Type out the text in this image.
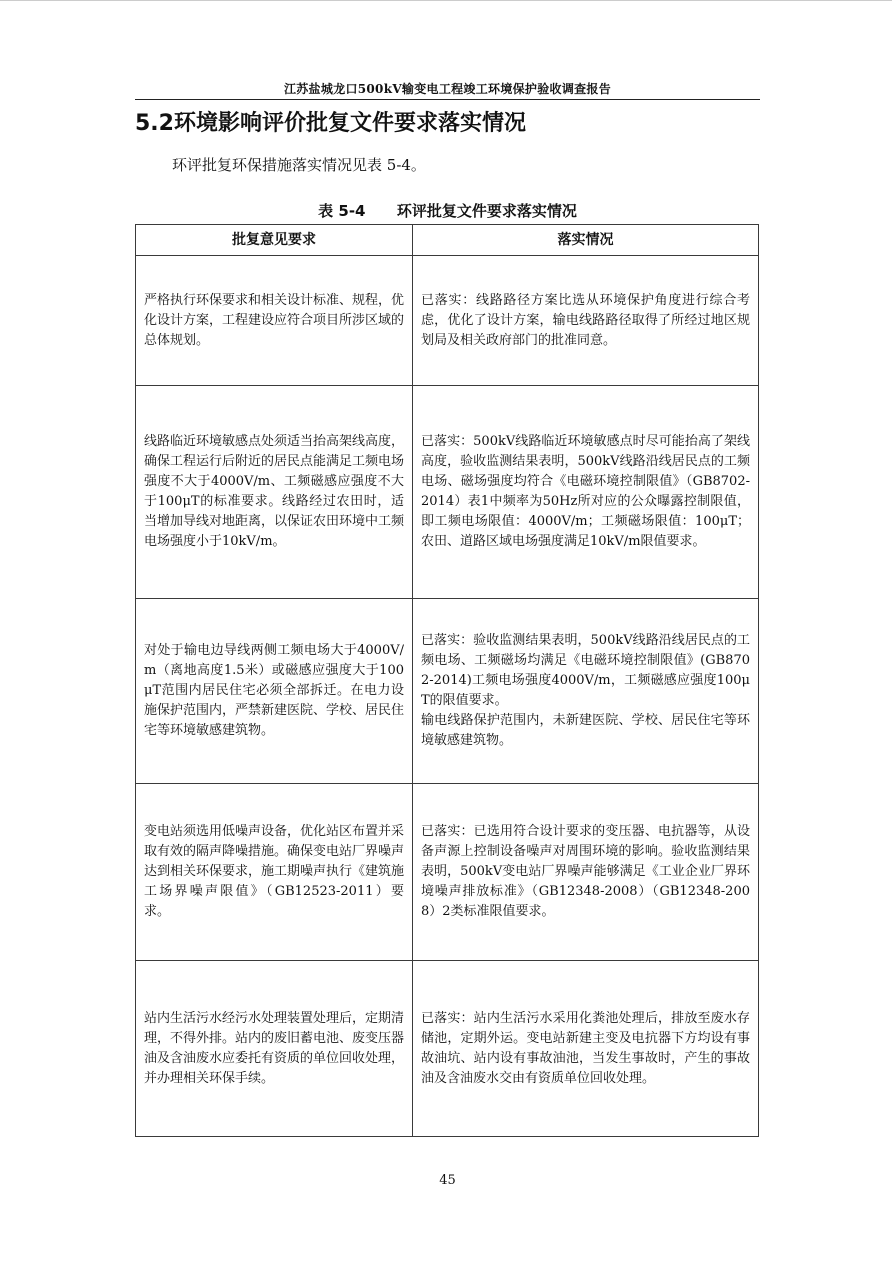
江苏盐城龙口500kV输变电工程竣工环境保护验收调查报告
5.2环境影响评价批复文件要求落实情况
环评批复环保措施落实情况见表 5-4。
表 5-4      环评批复文件要求落实情况
批复意见要求	落实情况
严格执行环保要求和相关设计标准、规程，优化设计方案，工程建设应符合项目所涉区域的总体规划。	已落实：线路路径方案比选从环境保护角度进行综合考虑，优化了设计方案，输电线路路径取得了所经过地区规划局及相关政府部门的批准同意。
线路临近环境敏感点处须适当抬高架线高度，确保工程运行后附近的居民点能满足工频电场强度不大于4000V/m、工频磁感应强度不大于100μT的标准要求。线路经过农田时，适当增加导线对地距离，以保证农田环境中工频电场强度小于10kV/m。	已落实：500kV线路临近环境敏感点时尽可能抬高了架线高度，验收监测结果表明，500kV线路沿线居民点的工频电场、磁场强度均符合《电磁环境控制限值》（GB8702-2014）表1中频率为50Hz所对应的公众曝露控制限值，即工频电场限值：4000V/m；工频磁场限值：100μT；农田、道路区域电场强度满足10kV/m限值要求。
对处于输电边导线两侧工频电场大于4000V/m（离地高度1.5米）或磁感应强度大于100μT范围内居民住宅必须全部拆迁。在电力设施保护范围内，严禁新建医院、学校、居民住宅等环境敏感建筑物。	已落实：验收监测结果表明，500kV线路沿线居民点的工频电场、工频磁场均满足《电磁环境控制限值》(GB8702-2014)工频电场强度4000V/m，工频磁感应强度100μT的限值要求。
输电线路保护范围内，未新建医院、学校、居民住宅等环境敏感建筑物。
变电站须选用低噪声设备，优化站区布置并采取有效的隔声降噪措施。确保变电站厂界噪声达到相关环保要求，施工期噪声执行《建筑施工场界噪声限值》（GB12523-2011）要求。	已落实：已选用符合设计要求的变压器、电抗器等，从设备声源上控制设备噪声对周围环境的影响。验收监测结果表明，500kV变电站厂界噪声能够满足《工业企业厂界环境噪声排放标准》（GB12348-2008）（GB12348-2008）2类标准限值要求。
站内生活污水经污水处理装置处理后，定期清理，不得外排。站内的废旧蓄电池、废变压器油及含油废水应委托有资质的单位回收处理，并办理相关环保手续。	已落实：站内生活污水采用化粪池处理后，排放至废水存储池，定期外运。变电站新建主变及电抗器下方均设有事故油坑、站内设有事故油池，当发生事故时，产生的事故油及含油废水交由有资质单位回收处理。
45
